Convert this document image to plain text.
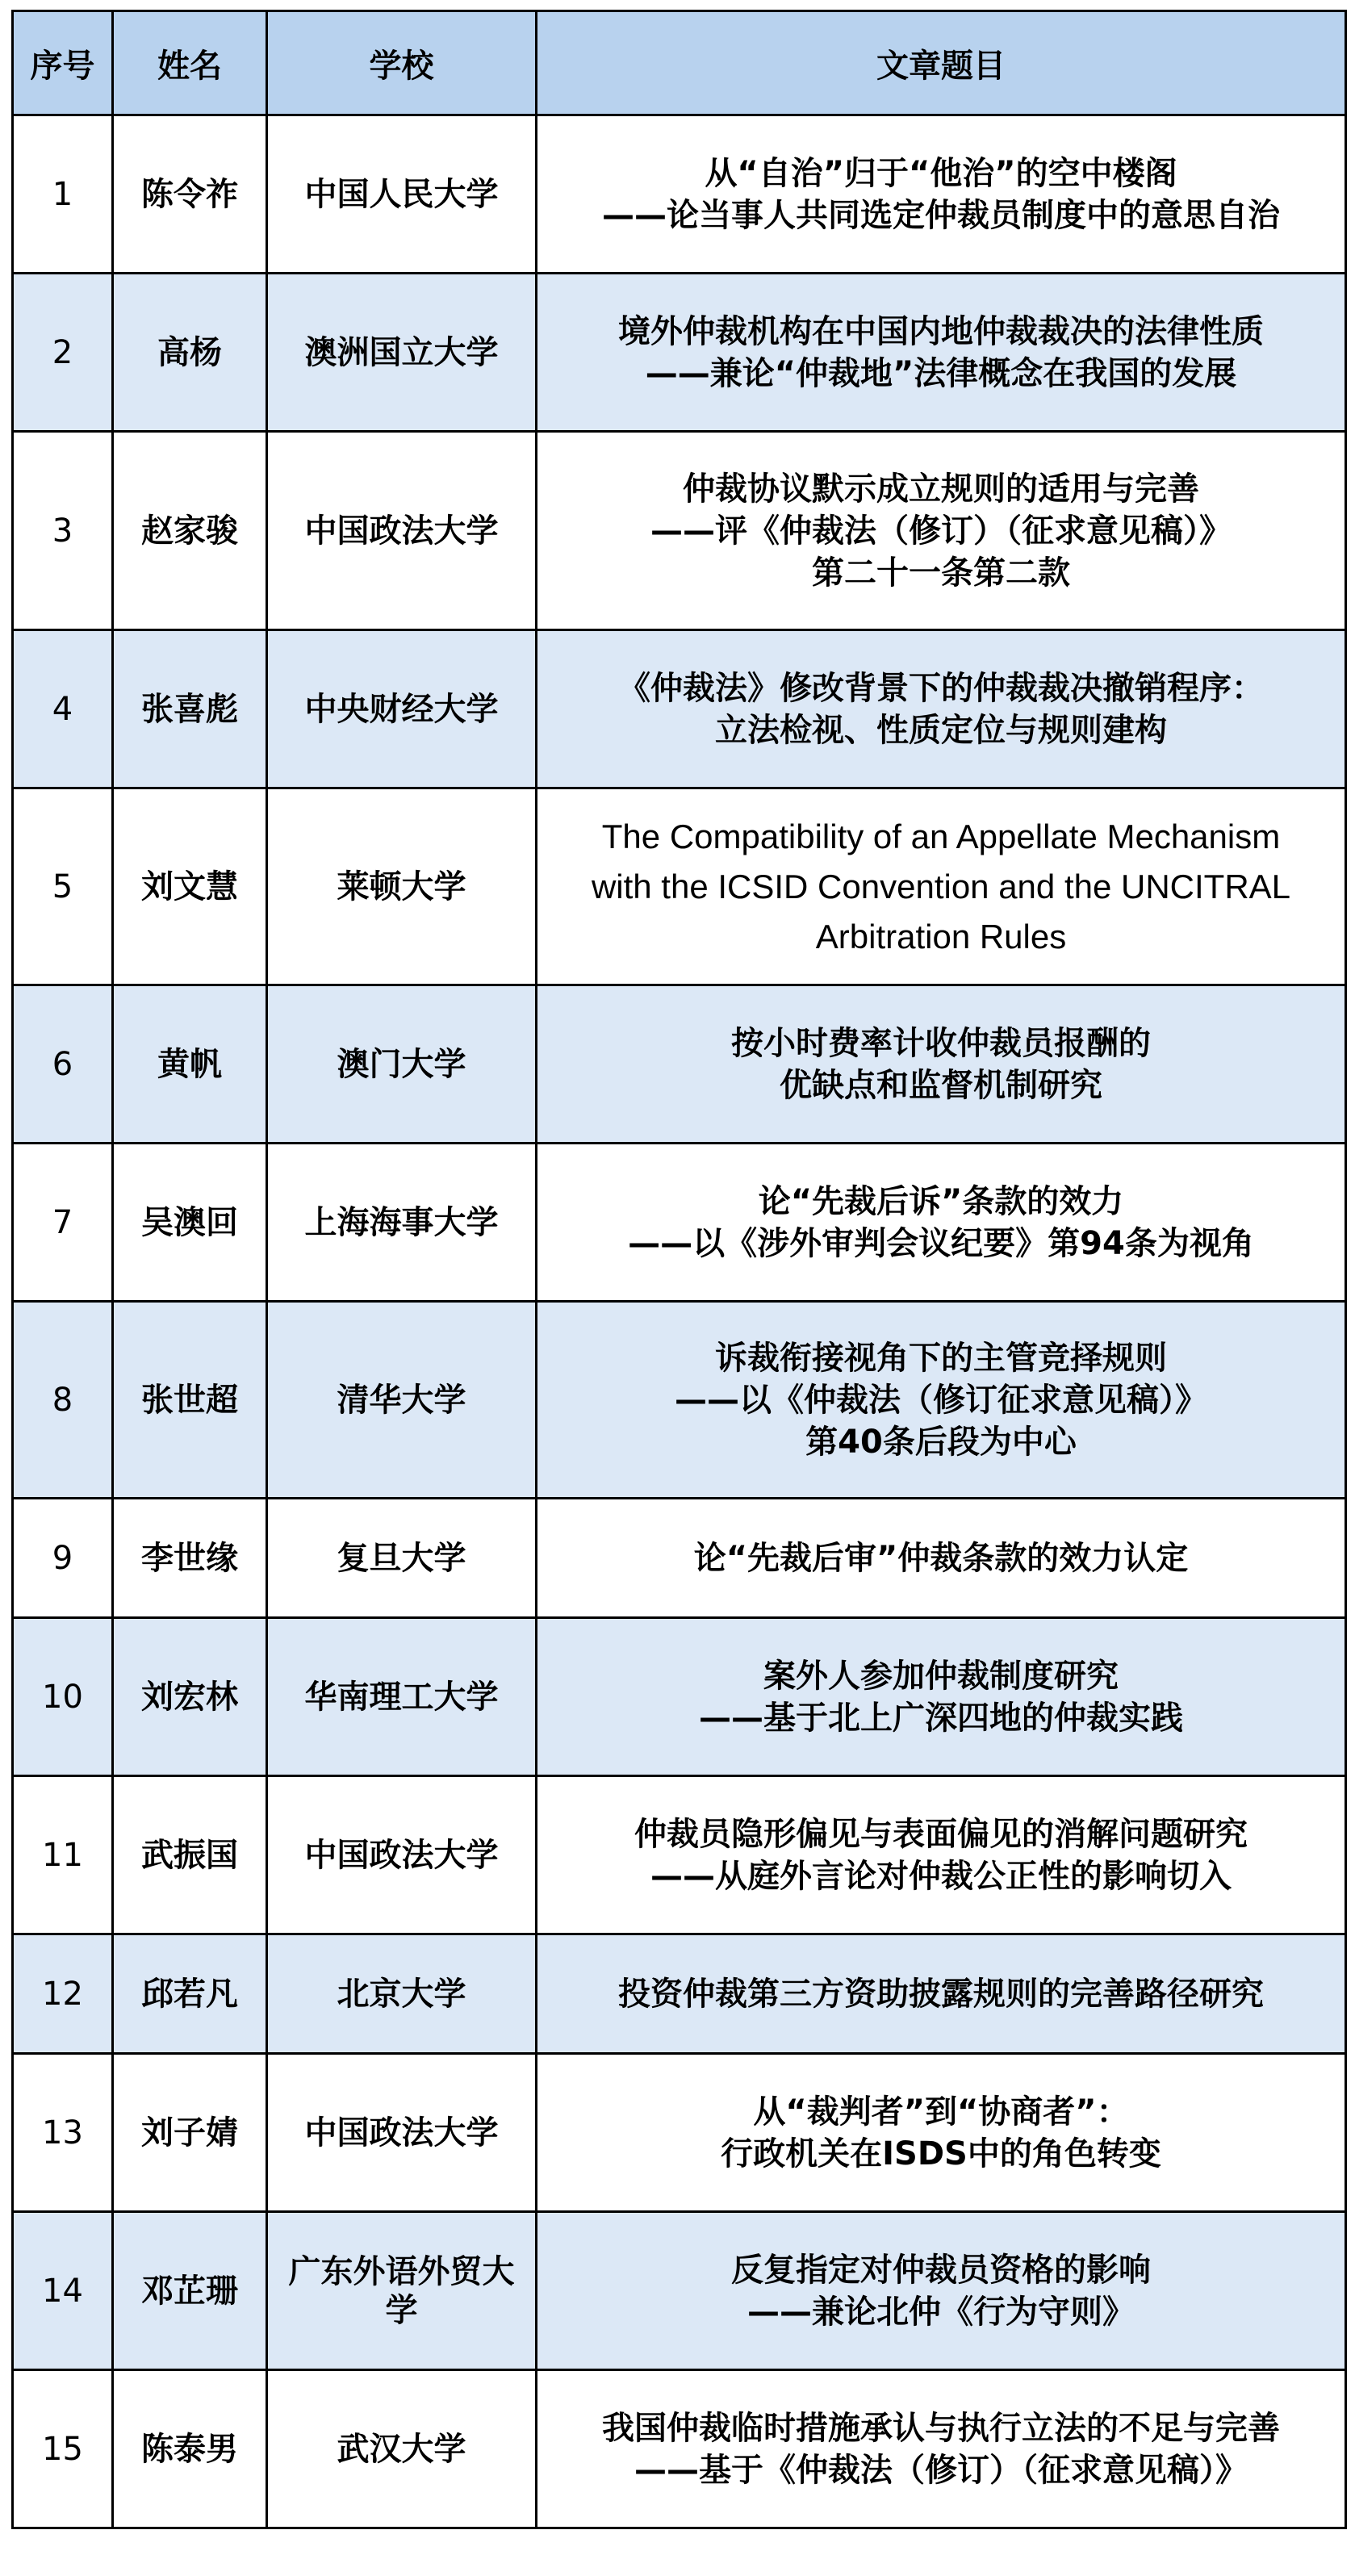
序号	姓名	学校	文章题目
1	陈令祚	中国人民大学	从“自治”归于“他治”的空中楼阁
——论当事人共同选定仲裁员制度中的意思自治

2	高杨	澳洲国立大学	境外仲裁机构在中国内地仲裁裁决的法律性质
——兼论“仲裁地”法律概念在我国的发展

3	赵家骏	中国政法大学	仲裁协议默示成立规则的适用与完善
——评《仲裁法（修订）（征求意见稿）》
第二十一条第二款

4	张喜彪	中央财经大学	《仲裁法》修改背景下的仲裁裁决撤销程序：
立法检视、性质定位与规则建构

5	刘文慧	莱顿大学	The Compatibility of an Appellate Mechanism
with the ICSID Convention and the UNCITRAL
Arbitration Rules

6	黄帆	澳门大学	按小时费率计收仲裁员报酬的
优缺点和监督机制研究

7	吴澳回	上海海事大学	论“先裁后诉”条款的效力
——以《涉外审判会议纪要》第94条为视角

8	张世超	清华大学	诉裁衔接视角下的主管竞择规则
——以《仲裁法（修订征求意见稿）》
第40条后段为中心

9	李世缘	复旦大学	论“先裁后审”仲裁条款的效力认定

10	刘宏林	华南理工大学	案外人参加仲裁制度研究
——基于北上广深四地的仲裁实践

11	武振国	中国政法大学	仲裁员隐形偏见与表面偏见的消解问题研究
——从庭外言论对仲裁公正性的影响切入

12	邱若凡	北京大学	投资仲裁第三方资助披露规则的完善路径研究

13	刘子婧	中国政法大学	从“裁判者”到“协商者”：
行政机关在ISDS中的角色转变

14	邓芷珊	广东外语外贸大学	反复指定对仲裁员资格的影响
——兼论北仲《行为守则》

15	陈泰男	武汉大学	我国仲裁临时措施承认与执行立法的不足与完善
——基于《仲裁法（修订）（征求意见稿）》
